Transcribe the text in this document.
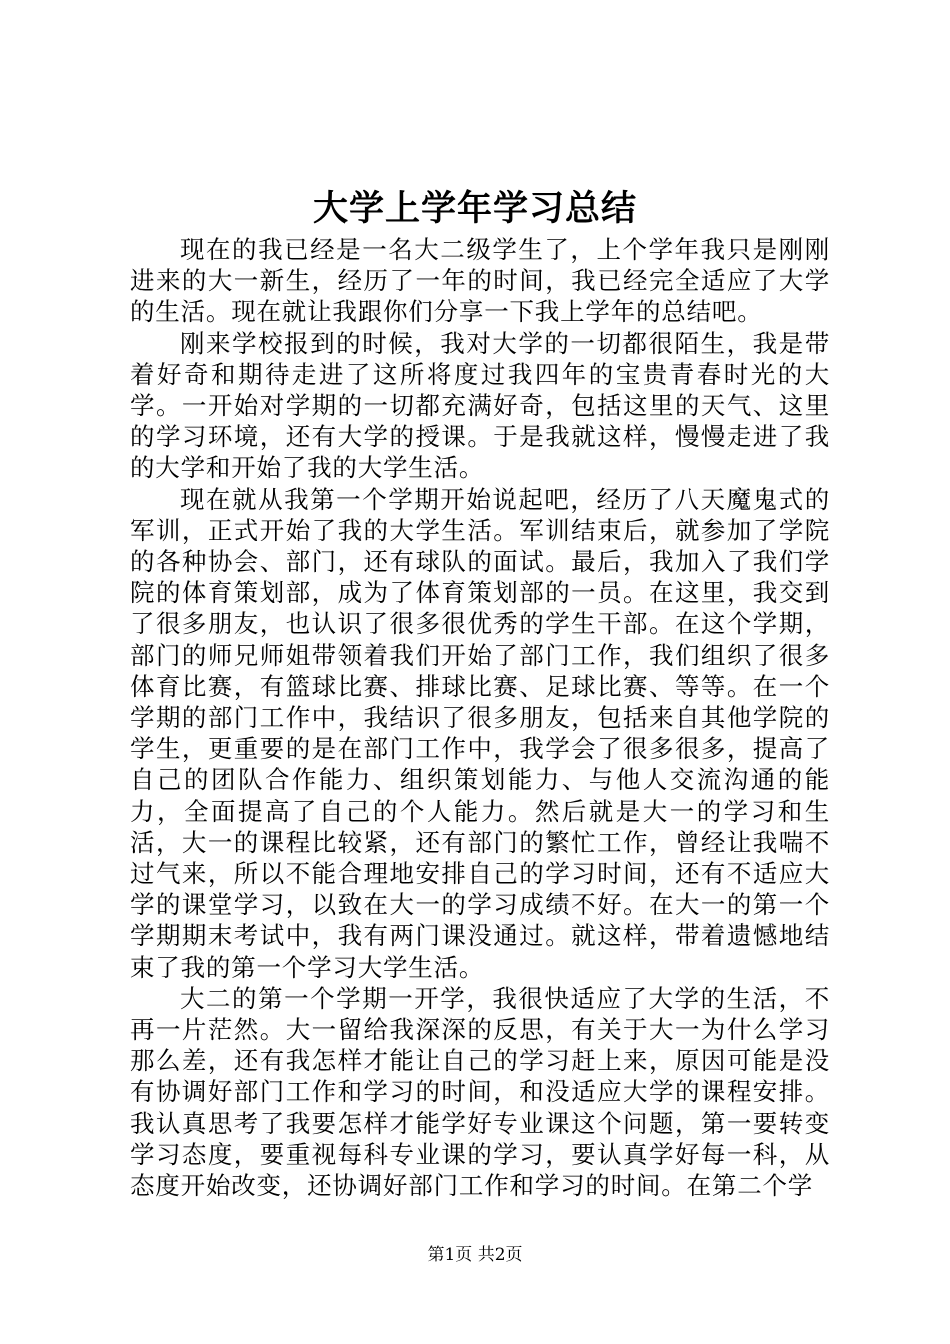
大学上学年学习总结

现在的我已经是一名大二级学生了，上个学年我只是刚刚进来的大一新生，经历了一年的时间，我已经完全适应了大学的生活。现在就让我跟你们分享一下我上学年的总结吧。

刚来学校报到的时候，我对大学的一切都很陌生，我是带着好奇和期待走进了这所将度过我四年的宝贵青春时光的大学。一开始对学期的一切都充满好奇，包括这里的天气、这里的学习环境，还有大学的授课。于是我就这样，慢慢走进了我的大学和开始了我的大学生活。

现在就从我第一个学期开始说起吧，经历了八天魔鬼式的军训，正式开始了我的大学生活。军训结束后，就参加了学院的各种协会、部门，还有球队的面试。最后，我加入了我们学院的体育策划部，成为了体育策划部的一员。在这里，我交到了很多朋友，也认识了很多很优秀的学生干部。在这个学期，部门的师兄师姐带领着我们开始了部门工作，我们组织了很多体育比赛，有篮球比赛、排球比赛、足球比赛、等等。在一个学期的部门工作中，我结识了很多朋友，包括来自其他学院的学生，更重要的是在部门工作中，我学会了很多很多，提高了自己的团队合作能力、组织策划能力、与他人交流沟通的能力，全面提高了自己的个人能力。然后就是大一的学习和生活，大一的课程比较紧，还有部门的繁忙工作，曾经让我喘不过气来，所以不能合理地安排自己的学习时间，还有不适应大学的课堂学习，以致在大一的学习成绩不好。在大一的第一个学期期末考试中，我有两门课没通过。就这样，带着遗憾地结束了我的第一个学习大学生活。

大二的第一个学期一开学，我很快适应了大学的生活，不再一片茫然。大一留给我深深的反思，有关于大一为什么学习那么差，还有我怎样才能让自己的学习赶上来，原因可能是没有协调好部门工作和学习的时间，和没适应大学的课程安排。我认真思考了我要怎样才能学好专业课这个问题，第一要转变学习态度，要重视每科专业课的学习，要认真学好每一科，从态度开始改变，还协调好部门工作和学习的时间。在第二个学

第1页 共2页
